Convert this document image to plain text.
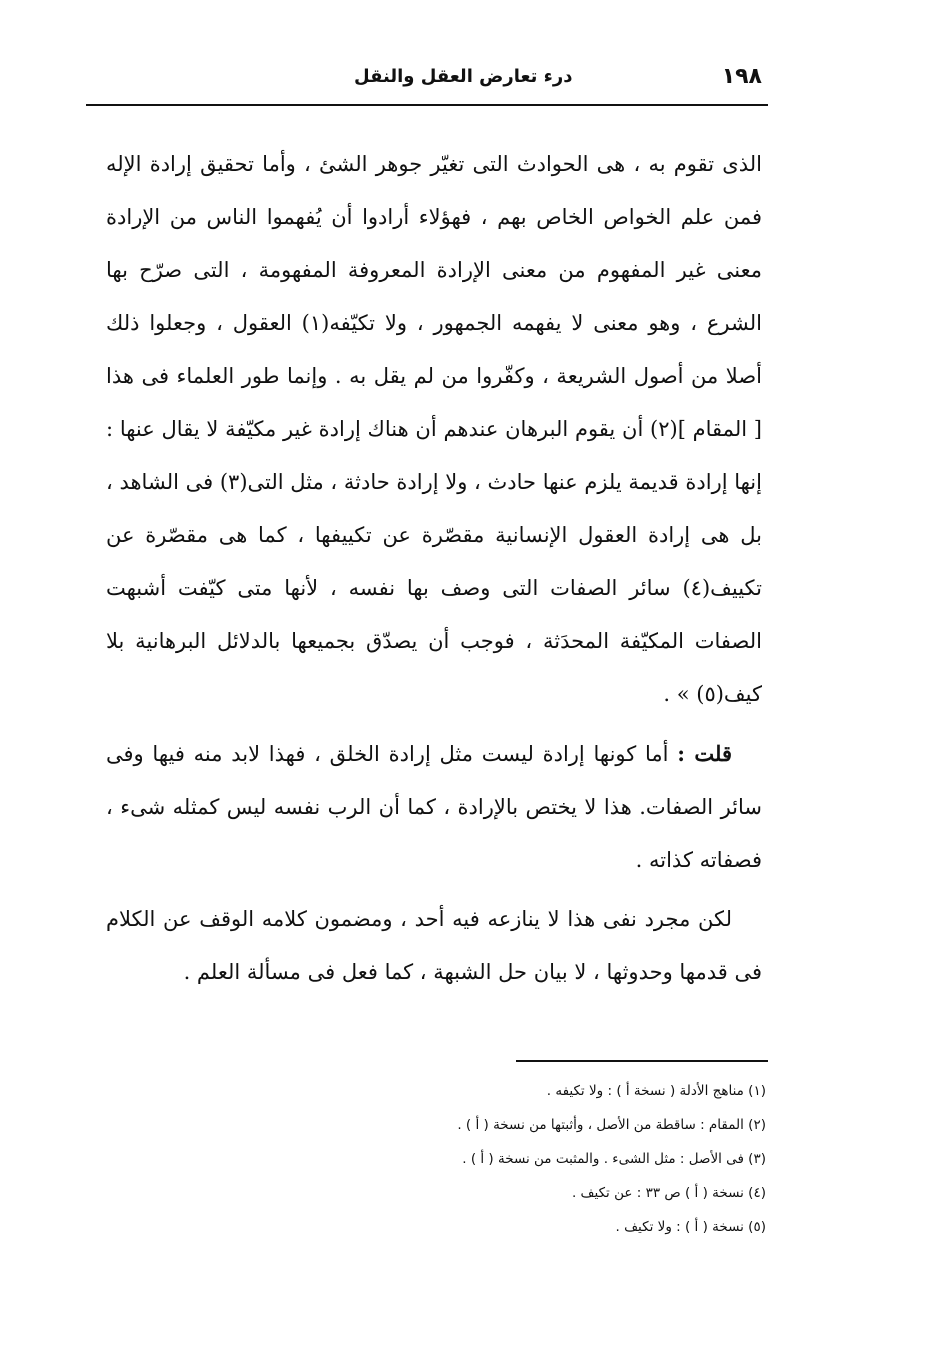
١٩٨
درء تعارض العقل والنقل

الذى تقوم به ، هى الحوادث التى تغيّر جوهر الشئ ، وأما تحقيق إرادة الإله فمن علم الخواص الخاص بهم ، فهؤلاء أرادوا أن يُفهموا الناس من الإرادة معنى غير المفهوم من معنى الإرادة المعروفة المفهومة ، التى صرّح بها الشرع ، وهو معنى لا يفهمه الجمهور ، ولا تكيّفه(١) العقول ، وجعلوا ذلك أصلا من أصول الشريعة ، وكفّروا من لم يقل به . وإنما طور العلماء فى هذا [ المقام ](٢) أن يقوم البرهان عندهم أن هناك إرادة غير مكيّفة لا يقال عنها : إنها إرادة قديمة يلزم عنها حادث ، ولا إرادة حادثة ، مثل التى(٣) فى الشاهد ، بل هى إرادة العقول الإنسانية مقصّرة عن تكييفها ، كما هى مقصّرة عن تكييف(٤) سائر الصفات التى وصف بها نفسه ، لأنها متى كيّفت أشبهت الصفات المكيّفة المحدَثة ، فوجب أن يصدّق بجميعها بالدلائل البرهانية بلا كيف(٥) » .

قلت : أما كونها إرادة ليست مثل إرادة الخلق ، فهذا لابد منه فيها وفى سائر الصفات. هذا لا يختص بالإرادة ، كما أن الرب نفسه ليس كمثله شىء ، فصفاته كذاته .

لكن مجرد نفى هذا لا ينازعه فيه أحد ، ومضمون كلامه الوقف عن الكلام فى قدمها وحدوثها ، لا بيان حل الشبهة ، كما فعل فى مسألة العلم .

(١) مناهج الأدلة ( نسخة أ ) : ولا تكيفه .
(٢) المقام : ساقطة من الأصل ، وأثبتها من نسخة ( أ ) .
(٣) فى الأصل : مثل الشىء . والمثبت من نسخة ( أ ) .
(٤) نسخة ( أ ) ص ٣٣ : عن تكيف .
(٥) نسخة ( أ ) : ولا تكيف .
